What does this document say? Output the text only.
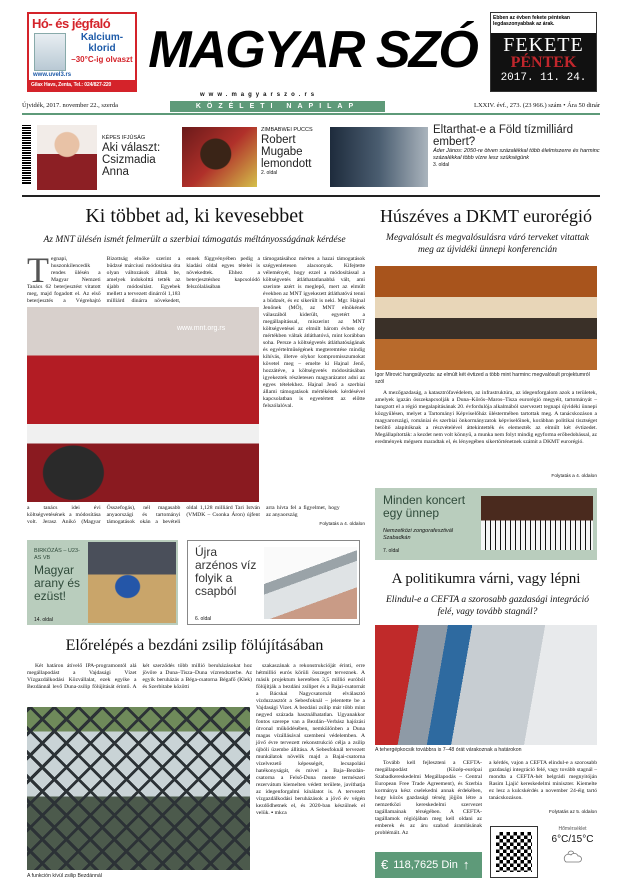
Hó- és jégfaló
Kalcium-klorid
–30°C-ig olvaszt
www.uvel3.rs
Gilax Havs, Zenta, Tel.: 024/827-220
MAGYAR SZÓ
www.magyarszo.rs
Ebben az évben fekete péntekan legdaszonyabbak az árak.
FEKETE
PÉNTEK
2017. 11. 24.
Újvidék, 2017. november 22., szerda	LXXIV. évf., 273. (23 966.) szám • Ára 50 dinár
KÖZÉLETI NAPILAP
KÉPES IFJÚSÁG
Aki választ: Csizmadia Anna
ZIMBABWEI PUCCS
Robert Mugabe lemondott
2. oldal
Eltarthat-e a Föld tízmilliárd embert?
Áder János: 2050-re ötven százalékkal több élelmiszerre és harminc százalékkal több vízre lesz szükségünk
3. oldal
Ki többet ad, ki kevesebbet
Az MNT ülésén ismét felmerült a szerbiai támogatás méltányosságának kérdése
Tegnapi, huszonkilencedik rendes ülésén a Magyar Nemzeti Tanács 62 beterjesztést vitatott meg, majd fogadott el. Az első beterjesztés a Végrehajtó Bizottság elnöke szerint a büdzsé márciusi módosítása óta olyan változások álltak be, amelyek indokolttá tették az újabb módosítást. Egyebek mellett a tervezett dinárról 1,183 milliárd dinárra növekedett, ennek függvényében pedig a kiadási oldal egyes tételei is növekedtek. Ehhez a beterjesztéshez kapcsolódó felszólalásában
www.mnt.org.rs
támogatásához mérten a hazai támogatások szégyenletesen alacsonyak. Kifejtette véleményét, hogy ezzel a módosítással a költségvetés átláthatatlanabbá vált, ami szerinte azért is meglepő, mert az elmúlt években az MNT igyekezett átláthatóvá tenni a büdzsét, és ez sikerült is neki. Mgr. Hajnal Jenőnek (MÖ), az MNT elnökének válaszából kiderült, egyetért a megállapítással, miszerint az MNT költségvetései az elmúlt három évben oly mértékben váltak átláthatóvá, mint korábban soha. Persze a költségvetés átláthatóságának és egyértelműségének megteremtése mindig kihívás, illetve olykor kompromisszumokat követel meg – emelte ki Hajnal Jenő, hozzátéve, a költségvetés módosításában igyekeztek részletesen magyarázatot adni az egyes tételekhez. Hajnal Jenő a szerbiai állami támogatások mértékének kérdésével kapcsolatban is egyetértett az előtte felszólalóval.
a tanács idei évi költségvetésének a módosítása volt. Jerasz Anikó (Magyar Összefogás), nél magasabb anyaországi és tartományi támogatások okán a bevételi oldal 1,128 milliárd Tari István (VMDK – Csonka Áron) újfent arra hívta fel a figyelmet, hogy az anyaország
Folytatás a 4. oldalon
BIRKÓZÁS – U23-AS VB
Magyar arany és ezüst!
14. oldal
Újra arzénos víz folyik a csapból
6. oldal
Előrelépés a bezdáni zsilip fölújításában
Két határon átívelő IPA-programontól alá megállapodást a Vajdasági Vízet Vízgazdálkodási Közvállalat, ezek egyike a Bezdánnál levő Duna-zsilip fölújítását érintő. A két szerződés több millió beruházásokat hoz jövőre a Duna–Tisza–Duna vízrendszerbe. Az egyik beruházás a Béga-csatorna Bégafő (Klek) és Szerbitabe közötti
A funkción kívül zsilip Bezdánnál
szakaszának a rekonstrukcióját érinti, erre hétmillió eurós körüli összeget terveznek. A másik projektum keretében 3,5 millió euróból fölújítják a bezdáni zsilipet és a Bajai-csatornát a Bácskai Nagycsatornát elválasztó vízduzzasztót a Sebesfoknál – jelentette be a Vajdasági Vizet. A bezdáni zsilip már több mint negyed százada használhatatlan. Ugyanakkor fontos szerepe van a Bezdán–Verbász hajózási útvonal működésében, nemkülönben a Duna magas vízállásával szembeni védelemben. A jövő évre tervezett rekonstrukció célja a zsilip újbóli üzembe állítása. A Sebesfoknál tervezett munkálatok növelik majd a Bajai-csatorna vízelvezető képességét, lecsapolási hatékonyságát, és mivel a Baja–Bezdán-csatorna a Felső-Duna mente természeti rezervátum kiemelten védett területe, javíthatja az idegenforgalmi kínálatot is. A tervezett vízgazdálkodási beruházások a jövő év végén kezdődhetnek el, és 2020-ban készülnek el velük. ▪ mkca
Húszéves a DKMT eurorégió
Megvalósult és megvalósulásra váró terveket vitattak meg az újvidéki ünnepi konferencián
Igor Mirović hangsúlyozta: az elmúlt két évtized a több mint harminc megvalósult projektumról szól
A mezőgazdaság, a katasztrófavédelem, az infrastruktúra, az idegenforgalom azok a területek, amelyek igazán összekapcsolják a Duna–Körös–Maros–Tisza eurorégió megyéit, tartományát – hangzott el a régió megalapításának 20. évfordulója alkalmából szervezett tegnapi újvidéki ünnepi közgyűlésen, melyet a Tartományi Képviselőház üléstermében tartottak meg. A tanácskozáson a magyarországi, romániai és szerbiai önkormányzatok képviselőinek, korábban politikai tisztséget betöltő alapítóknak a részvételével áttekintették és elemezték az elmúlt két évtizedet. Megállapították: a kezdet nem volt könnyű, a munka nem folyt mindig egyforma erőbedobással, az eredmények mégsem maradtak el, és lényegében sikertörténetnek számít a DKMT eurorégió.
Folytatás a 4. oldalon
Minden koncert egy ünnep
Nemzetközi zongorafesztivál Szabadkán
7. oldal
A politikumra várni, vagy lépni
Elindul-e a CEFTA a szorosabb gazdasági integráció felé, vagy tovább stagnál?
A tehergépkocsik továbbra is 7–48 órát várakoznak a határokon
Tovább kell fejleszteni a CEFTA-megállapodást (Közép-európai Szabadkereskedelmi Megállapodás – Central European Free Trade Agreement), és Szerbia kormánya kész cselekedni annak érdekében, hogy közös gazdasági térség jöjjön létre a nemzetközi kereskedelmi szervezet tagállamainak térségében. A CEFTA-tagállamok régiójában meg kell oldani az emberek és az áru szabad áramlásának problémáit. Az
a kérdés, vajon a CEFTA elindul-e a szorosabb gazdasági integráció felé, vagy tovább stagnál – mondta a CEFTA-hét belgrádi megnyitóján Rasim Ljajić kereskedelmi miniszter. Kiemelte ez lesz a kulcskérdés a november 24-éig tartó tanácskozáson.
Folytatás az 5. oldalon
€ 118,7625 Din ↑
Hőmérséklet
6°C/15°C
